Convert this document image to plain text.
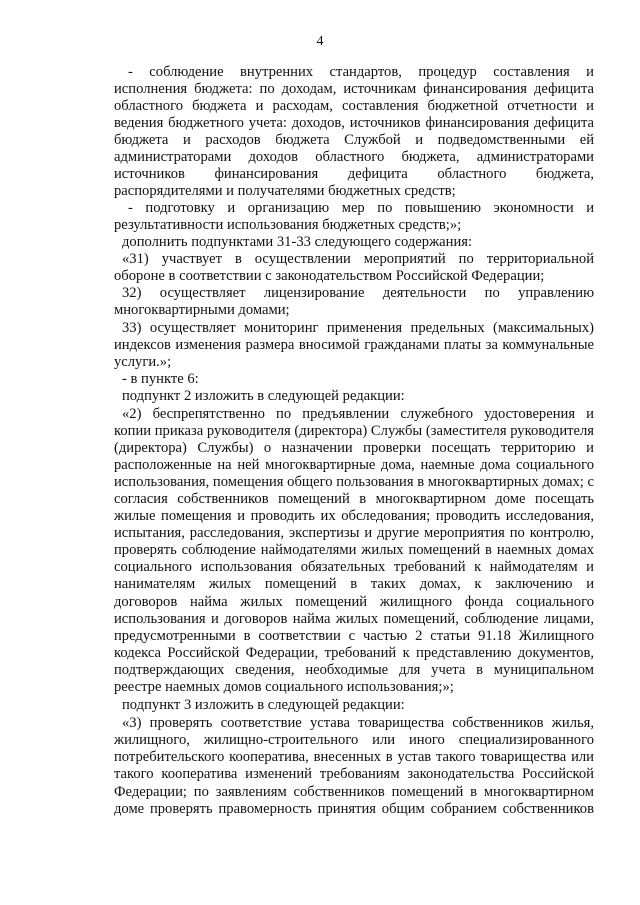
4
- соблюдение внутренних стандартов, процедур составления и
исполнения бюджета: по доходам, источникам финансирования дефицита
областного бюджета и расходам, составления бюджетной отчетности и
ведения бюджетного учета: доходов, источников финансирования дефицита
бюджета и расходов бюджета Службой и подведомственными ей
администраторами доходов областного бюджета, администраторами
источников финансирования дефицита областного бюджета,
распорядителями и получателями бюджетных средств;
- подготовку и организацию мер по повышению экономности и
результативности использования бюджетных средств;»;
дополнить подпунктами 31-33 следующего содержания:
«31) участвует в осуществлении мероприятий по территориальной
обороне в соответствии с законодательством Российской Федерации;
32) осуществляет лицензирование деятельности по управлению
многоквартирными домами;
33) осуществляет мониторинг применения предельных (максимальных)
индексов изменения размера вносимой гражданами платы за коммунальные
услуги.»;
- в пункте 6:
подпункт 2 изложить в следующей редакции:
«2) беспрепятственно по предъявлении служебного удостоверения и
копии приказа руководителя (директора) Службы (заместителя руководителя
(директора) Службы) о назначении проверки посещать территорию и
расположенные на ней многоквартирные дома, наемные дома социального
использования, помещения общего пользования в многоквартирных домах; с
согласия собственников помещений в многоквартирном доме посещать
жилые помещения и проводить их обследования; проводить исследования,
испытания, расследования, экспертизы и другие мероприятия по контролю,
проверять соблюдение наймодателями жилых помещений в наемных домах
социального использования обязательных требований к наймодателям и
нанимателям жилых помещений в таких домах, к заключению и
договоров найма жилых помещений жилищного фонда социального
использования и договоров найма жилых помещений, соблюдение лицами,
предусмотренными в соответствии с частью 2 статьи 91.18 Жилищного
кодекса Российской Федерации, требований к представлению документов,
подтверждающих сведения, необходимые для учета в муниципальном
реестре наемных домов социального использования;»;
подпункт 3 изложить в следующей редакции:
«3) проверять соответствие устава товарищества собственников жилья,
жилищного, жилищно-строительного или иного специализированного
потребительского кооператива, внесенных в устав такого товарищества или
такого кооператива изменений требованиям законодательства Российской
Федерации; по заявлениям собственников помещений в многоквартирном
доме проверять правомерность принятия общим собранием собственников
